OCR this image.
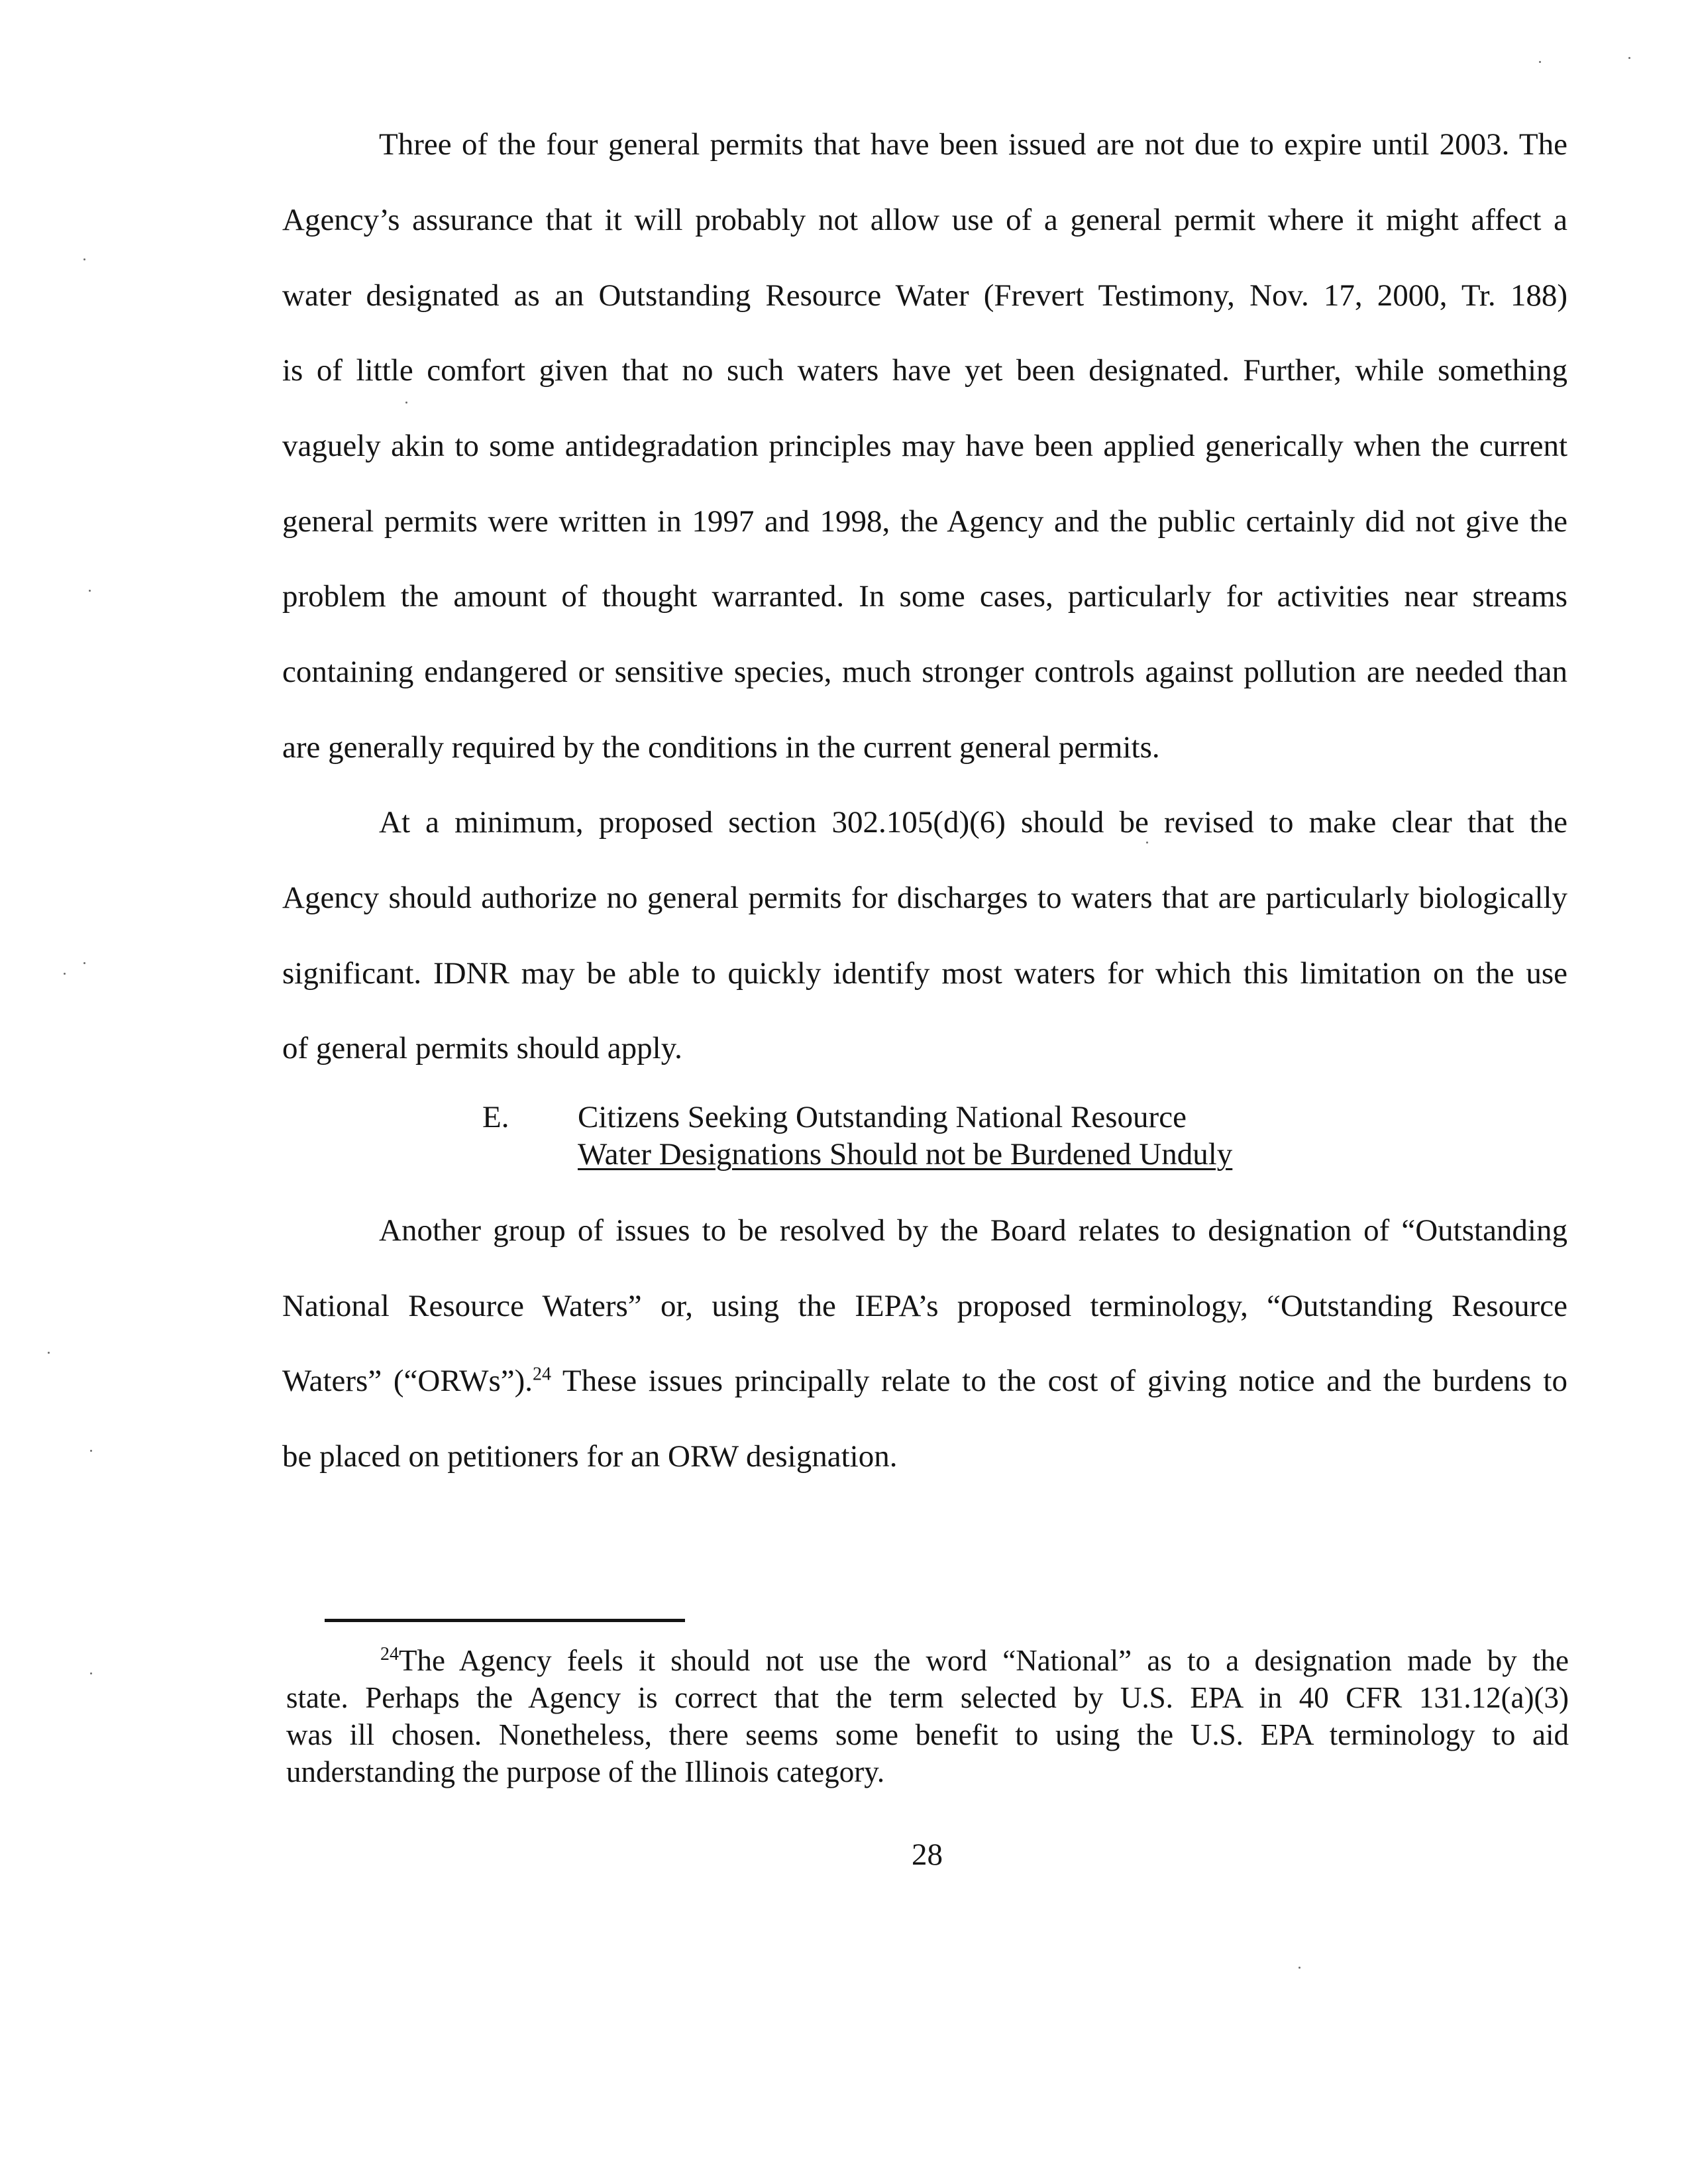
Three of the four general permits that have been issued are not due to expire until 2003. The
Agency’s assurance that it will probably not allow use of a general permit where it might affect a
water designated as an Outstanding Resource Water (Frevert Testimony, Nov. 17, 2000, Tr. 188)
is of little comfort given that no such waters have yet been designated. Further, while something
vaguely akin to some antidegradation principles may have been applied generically when the current
general permits were written in 1997 and 1998, the Agency and the public certainly did not give the
problem the amount of thought warranted. In some cases, particularly for activities near streams
containing endangered or sensitive species, much stronger controls against pollution are needed than
are generally required by the conditions in the current general permits.
At a minimum, proposed section 302.105(d)(6) should be revised to make clear that the
Agency should authorize no general permits for discharges to waters that are particularly biologically
significant. IDNR may be able to quickly identify most waters for which this limitation on the use
of general permits should apply.
E. Citizens Seeking Outstanding National Resource
Water Designations Should not be Burdened Unduly
Another group of issues to be resolved by the Board relates to designation of “Outstanding
National Resource Waters” or, using the IEPA’s proposed terminology, “Outstanding Resource
Waters” (“ORWs”).$^{24}$ These issues principally relate to the cost of giving notice and the burdens to
be placed on petitioners for an ORW designation.
$^{24}$The Agency feels it should not use the word “National” as to a designation made by the
state. Perhaps the Agency is correct that the term selected by U.S. EPA in 40 CFR 131.12(a)(3)
was ill chosen. Nonetheless, there seems some benefit to using the U.S. EPA terminology to aid
understanding the purpose of the Illinois category.
28
